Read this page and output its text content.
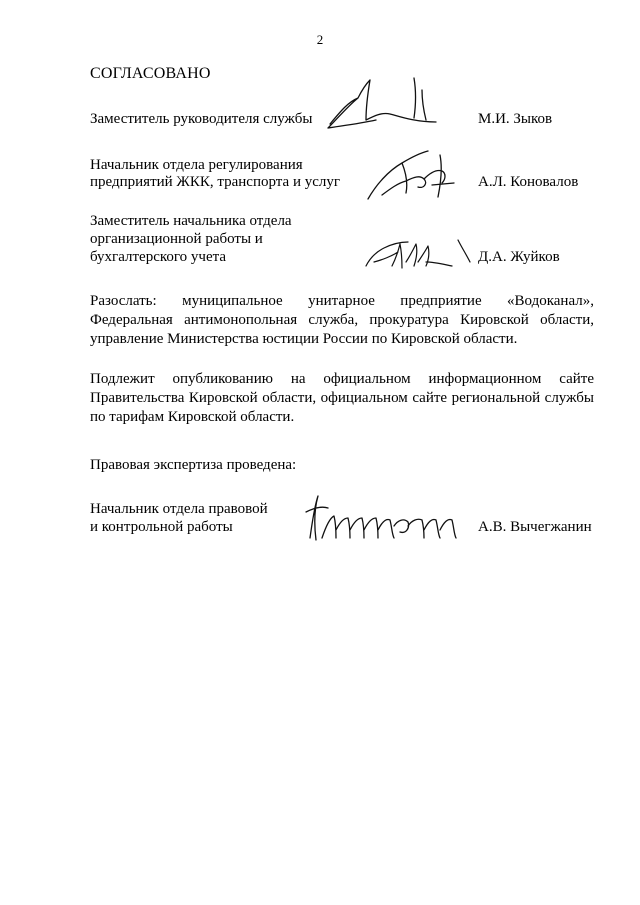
2
СОГЛАСОВАНО
Заместитель руководителя службы	М.И. Зыков
Начальник отдела регулирования
предприятий ЖКК, транспорта и услуг	А.Л. Коновалов
Заместитель начальника отдела
организационной работы и
бухгалтерского учета	Д.А. Жуйков
Разослать: муниципальное унитарное предприятие «Водоканал»,
Федеральная антимонопольная служба, прокуратура Кировской области,
управление Министерства юстиции России по Кировской области.
Подлежит опубликованию на официальном информационном сайте
Правительства Кировской области, официальном сайте региональной службы
по тарифам Кировской области.
Правовая экспертиза проведена:
Начальник отдела правовой
и контрольной работы	А.В. Вычегжанин
